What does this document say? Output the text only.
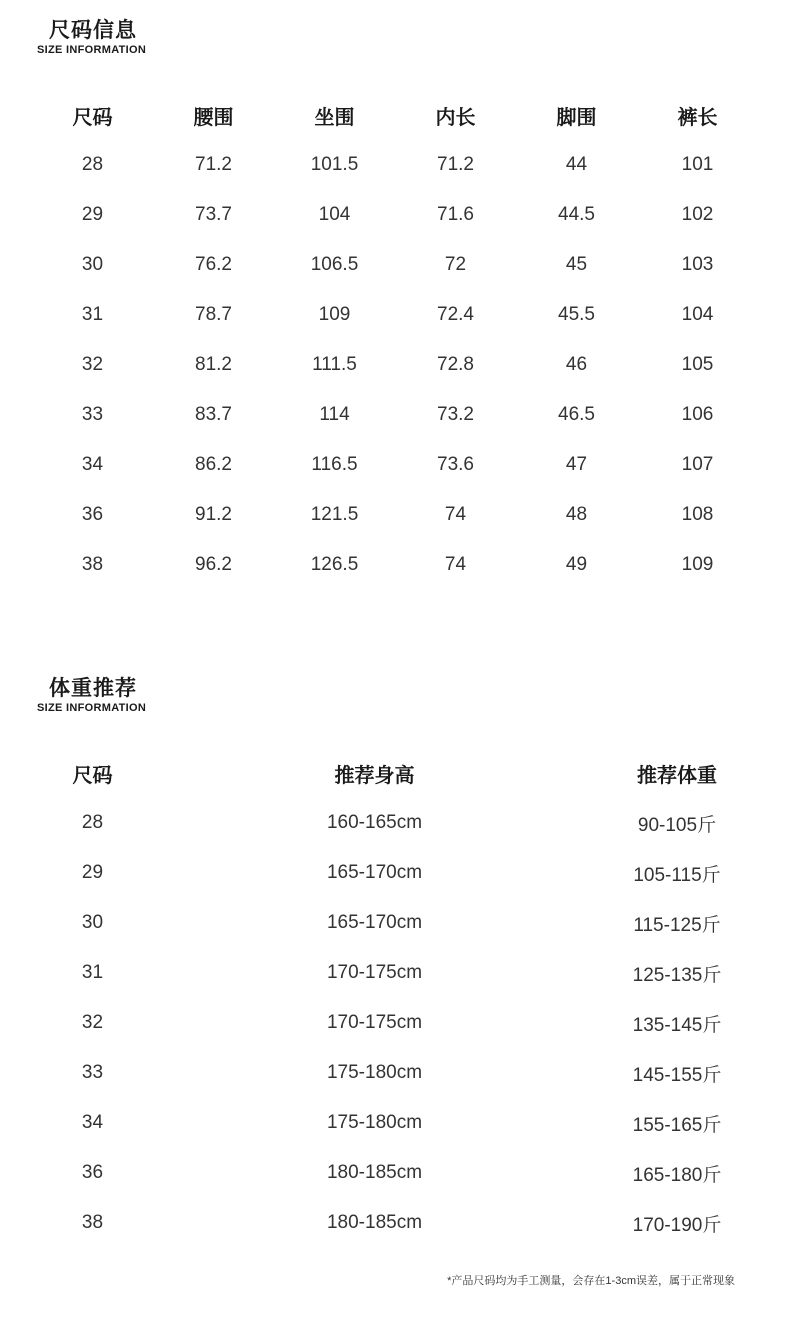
尺码信息
SIZE INFORMATION
尺码	腰围	坐围	内长	脚围	裤长
28	71.2	101.5	71.2	44	101
29	73.7	104	71.6	44.5	102
30	76.2	106.5	72	45	103
31	78.7	109	72.4	45.5	104
32	81.2	111.5	72.8	46	105
33	83.7	114	73.2	46.5	106
34	86.2	116.5	73.6	47	107
36	91.2	121.5	74	48	108
38	96.2	126.5	74	49	109
体重推荐
SIZE INFORMATION
尺码	推荐身高	推荐体重
28	160-165cm	90-105斤
29	165-170cm	105-115斤
30	165-170cm	115-125斤
31	170-175cm	125-135斤
32	170-175cm	135-145斤
33	175-180cm	145-155斤
34	175-180cm	155-165斤
36	180-185cm	165-180斤
38	180-185cm	170-190斤
*产品尺码均为手工测量，会存在1-3cm误差，属于正常现象
